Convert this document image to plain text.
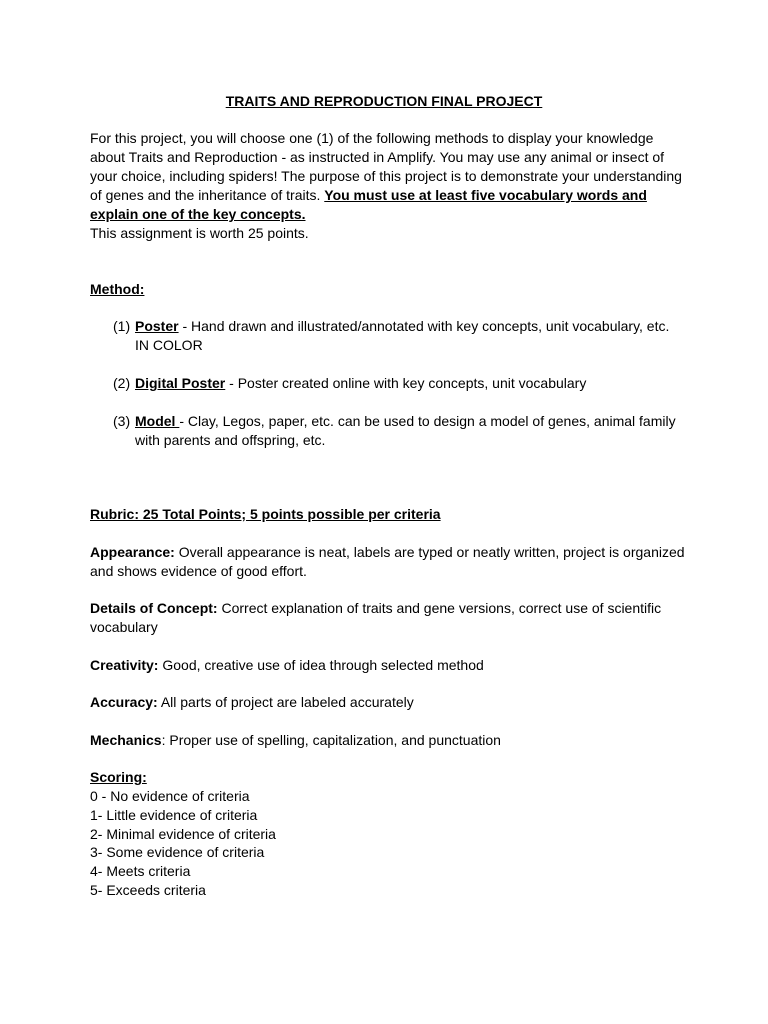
TRAITS AND REPRODUCTION FINAL PROJECT
For this project, you will choose one (1) of the following methods to display your knowledge about Traits and Reproduction - as instructed in Amplify. You may use any animal or insect of your choice, including spiders! The purpose of this project is to demonstrate your understanding of genes and the inheritance of traits. You must use at least five vocabulary words and explain one of the key concepts.
This assignment is worth 25 points.
Method:
(1) Poster - Hand drawn and illustrated/annotated with key concepts, unit vocabulary, etc. IN COLOR
(2) Digital Poster - Poster created online with key concepts, unit vocabulary
(3) Model - Clay, Legos, paper, etc. can be used to design a model of genes, animal family with parents and offspring, etc.
Rubric: 25 Total Points; 5 points possible per criteria
Appearance: Overall appearance is neat, labels are typed or neatly written, project is organized and shows evidence of good effort.
Details of Concept: Correct explanation of traits and gene versions, correct use of scientific vocabulary
Creativity: Good, creative use of idea through selected method
Accuracy: All parts of project are labeled accurately
Mechanics: Proper use of spelling, capitalization, and punctuation
Scoring:
0 - No evidence of criteria
1- Little evidence of criteria
2- Minimal evidence of criteria
3- Some evidence of criteria
4- Meets criteria
5- Exceeds criteria
